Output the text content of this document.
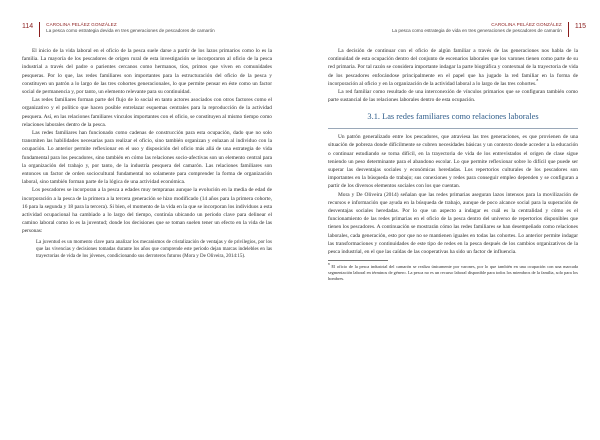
114	CAROLINA PELÁEZ GONZÁLEZ
La pesca como estrategia devida en tres generaciones de pescadores de camarón

El inicio de la vida laboral en el oficio de la pesca suele darse a partir de los lazos primarios como lo es la familia. La mayoría de los pescadores de origen rural de esta investigación se incorporaron al oficio de la pesca industrial a través del padre o parientes cercanos como hermanos, tíos, primos que viven en comunidades pesqueras. Por lo que, las redes familiares son importantes para la estructuración del oficio de la pesca y constituyen un patrón a lo largo de las tres cohortes generacionales, lo que permite pensar en éste como un factor social de permanencia y, por tanto, un elemento relevante para su continuidad.

Las redes familiares forman parte del flujo de lo social en tanto actores asociados con otros factores como el organizativo y el político que hacen posible entrelazar esquemas centrales para la reproducción de la actividad pesquera. Así, en las relaciones familiares vinculos importantes con el oficio, se constituyen al mismo tiempo como relaciones laborales dentro de la pesca.

Las redes familiares han funcionado como cadenas de construcción para esta ocupación, dado que no solo transmiten las habilidades necesarias para realizar el oficio, sino también organizan y enlazan al individuo con la ocupación. Lo anterior permite reflexionar en el uso y disposición del oficio más allá de una estrategia de vida fundamental para los pescadores, sino también en cómo las relaciones socio-afectivas son un elemento central para la organización del trabajo y, por tanto, de la industria pesquera del camarón. Las relaciones familiares son entonces un factor de orden sociocultural fundamental no solamente para comprender la forma de organización laboral, sino también forman parte de la lógica de una actividad económica.

Los pescadores se incorporan a la pesca a edades muy tempranas aunque la evolución en la media de edad de incorporación a la pesca de la primera a la tercera generación se hizo modificado (14 años para la primera cohorte, 16 para la segunda y 18 para la tercera). Si bien, el momento de la vida en la que se incorporan los individuos a esta actividad ocupacional ha cambiado a lo largo del tiempo, continúa ubicando un periodo clave para delinear el camino laboral como lo es la juventud; donde los decisiones que se toman suelen tener un efecto en la vida de las personas:

La juventud es un momento clave para analizar los mecanismos de cristalización de ventajas y de privilegios, por los que las vivencias y decisiones tomadas durante los años que comprende este periodo dejan marcas indelebles en las trayectorias de vida de los jóvenes, condicionando sus derroteros futuros (Mora y De Oliveira, 2014:15).

115
CAROLINA PELÁEZ GONZÁLEZ
La pesca como estrategia de vida en tres generaciones de pescadores de camarón

La decisión de continuar con el oficio de algún familiar a través de las generaciones nos habla de la continuidad de esta ocupación dentro del conjunto de escenarios laborales que los varones tienen como parte de su red primaria. Por tal razón se considera importante indagar la parte biográfica y contextual de la trayectoria de vida de los pescadores enfocándose principalmente en el papel que ha jugado la red familiar en la forma de incorporación al oficio y en la organización de la actividad laboral a lo largo de las tres cohortes.$^8$

La red familiar como resultado de una interconexión de vínculos primarios que se configuran también como parte sustancial de las relaciones laborales dentro de esta ocupación.

3.1. Las redes familiares como relaciones laborales

Un patrón generalizado entre los pescadores, que atraviesa las tres generaciones, es que provienen de una situación de pobreza donde difícilmente se cubren necesidades básicas y un contexto donde acceder a la educación o continuar estudiando se torna difícil, en la trayectoria de vida de los entrevistados el origen de clase sigue teniendo un peso determinante para el abandono escolar. Lo que permite reflexionar sobre lo difícil que puede ser superar las desventajas sociales y económicas heredadas. Los repertorios culturales de los pescadores son importantes en la búsqueda de trabajo; sus conexiones y redes para conseguir empleo dependen y se configuran a partir de los diversos elementos sociales con los que cuentan.

Mora y De Oliveira (2014) señalan que las redes primarias aseguran lazos intensos para la movilización de recursos e información que ayuda en la búsqueda de trabajo, aunque de poco alcance social para la superación de desventajas sociales heredadas. Por lo que un aspecto a indagar es cuál es la centralidad y cómo es el funcionamiento de las redes primarias en el oficio de la pesca dentro del universo de repertorios disponibles que tienen los pescadores. A continuación se mostrarán cómo las redes familiares se han desempeñado como relaciones laborales, cada generación, esto por que no se mantienen iguales en todas las cohortes. Lo anterior permite indagar las transformaciones y continuidades de este tipo de redes en la pesca después de los cambios organizativos de la pesca industrial, en el que las caídas de las cooperativas ha sido un factor de influencia.

$^8$ El oficio de la pesca industrial del camarón se realiza únicamente por varones, por lo que también en una ocupación con una marcada segmentación laboral en términos de género. La pesca no es un recurso laboral disponible para todos los miembros de la familia, solo para los hombres.
